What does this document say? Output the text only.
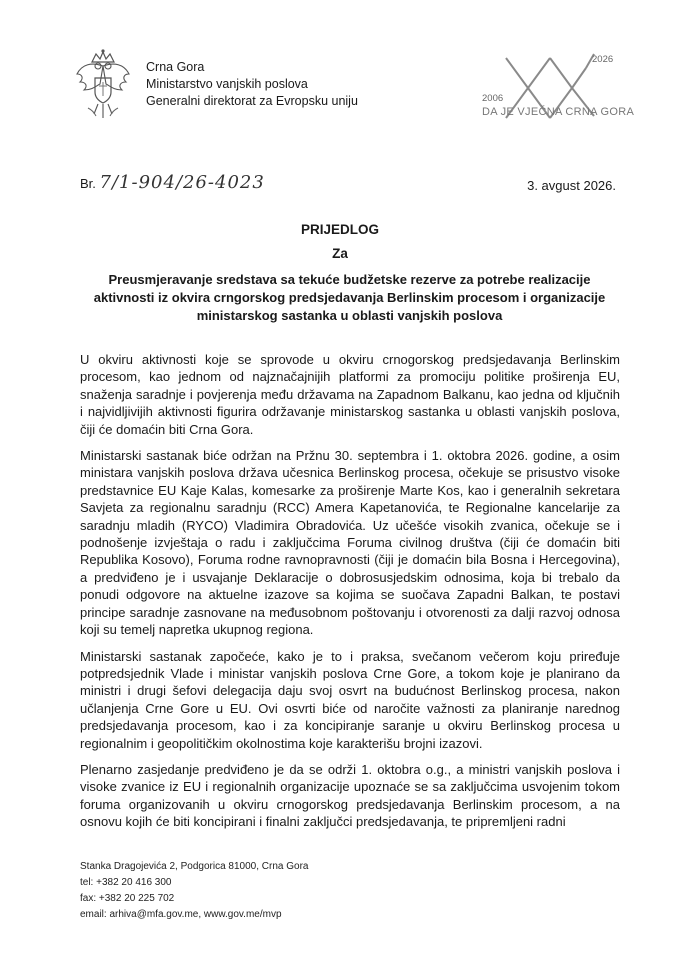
Crna Gora
Ministarstvo vanjskih poslova
Generalni direktorat za Evropsku uniju
2026
2006
DA JE VJEČNA CRNA GORA
Br. 7/1-904/26-4023	3. avgust 2026.
PRIJEDLOG
Za
Preusmjeravanje sredstava sa tekuće budžetske rezerve za potrebe realizacije aktivnosti iz okvira crngorskog predsjedavanja Berlinskim procesom i organizacije ministarskog sastanka u oblasti vanjskih poslova

U okviru aktivnosti koje se sprovode u okviru crnogorskog predsjedavanja Berlinskim procesom, kao jednom od najznačajnijih platformi za promociju politike proširenja EU, snaženja saradnje i povjerenja među državama na Zapadnom Balkanu, kao jedna od ključnih i najvidljivijih aktivnosti figurira održavanje ministarskog sastanka u oblasti vanjskih poslova, čiji će domaćin biti Crna Gora.

Ministarski sastanak biće održan na Pržnu 30. septembra i 1. oktobra 2026. godine, a osim ministara vanjskih poslova država učesnica Berlinskog procesa, očekuje se prisustvo visoke predstavnice EU Kaje Kalas, komesarke za proširenje Marte Kos, kao i generalnih sekretara Savjeta za regionalnu saradnju (RCC) Amera Kapetanovića, te Regionalne kancelarije za saradnju mladih (RYCO) Vladimira Obradovića. Uz učešće visokih zvanica, očekuje se i podnošenje izvještaja o radu i zaključcima Foruma civilnog društva (čiji će domaćin biti Republika Kosovo), Foruma rodne ravnopravnosti (čiji je domaćin bila Bosna i Hercegovina), a predviđeno je i usvajanje Deklaracije o dobrosusjedskim odnosima, koja bi trebalo da ponudi odgovore na aktuelne izazove sa kojima se suočava Zapadni Balkan, te postavi principe saradnje zasnovane na međusobnom poštovanju i otvorenosti za dalji razvoj odnosa koji su temelj napretka ukupnog regiona.

Ministarski sastanak započeće, kako je to i praksa, svečanom večerom koju priređuje potpredsjednik Vlade i ministar vanjskih poslova Crne Gore, a tokom koje je planirano da ministri i drugi šefovi delegacija daju svoj osvrt na budućnost Berlinskog procesa, nakon učlanjenja Crne Gore u EU. Ovi osvrti biće od naročite važnosti za planiranje narednog predsjedavanja procesom, kao i za koncipiranje saranje u okviru Berlinskog procesa u regionalnim i geopolitičkim okolnostima koje karakterišu brojni izazovi.

Plenarno zasjedanje predviđeno je da se održi 1. oktobra o.g., a ministri vanjskih poslova i visoke zvanice iz EU i regionalnih organizacije upoznaće se sa zaključcima usvojenim tokom foruma organizovanih u okviru crnogorskog predsjedavanja Berlinskim procesom, a na osnovu kojih će biti koncipirani i finalni zaključci predsjedavanja, te pripremljeni radni

Stanka Dragojevića 2, Podgorica 81000, Crna Gora
tel: +382 20 416 300
fax: +382 20 225 702
email: arhiva@mfa.gov.me, www.gov.me/mvp
